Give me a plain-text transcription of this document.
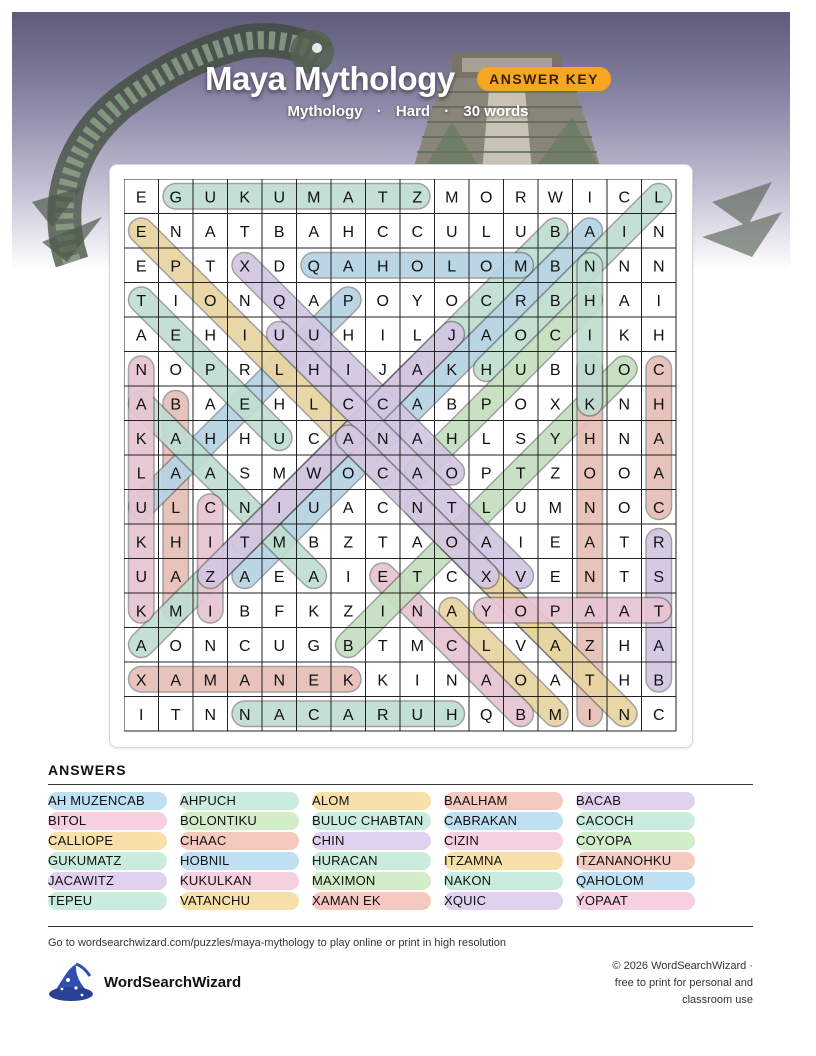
Maya Mythology ANSWER KEY
Mythology · Hard · 30 words
E G U K U M A T Z M O R W I C L
E N A T B A H C C U L U B A I N
E P T X D Q A H O L O M B N N N
T I O N Q A P O Y O C R B H A I
A E H I U U H I L J A O C I K H
N O P R L H I J A K H U B U O C
A B A E H L C C A B P O X K N H
K A H H U C A N A H L S Y H N A
L A A S M W O C A O P T Z O O A
U L C N I U A C N T L U M N O C
K H I T M B Z T A O A I E A T R
U A Z A E A I E T C X V E N T S
K M I B F K Z I N A Y O P A A T
A O N C U G B T M C L V A Z H A
X A M A N E K K I N A O A T H B
I T N N A C A R U H Q B M I N C
ANSWERS
AH MUZENCAB	AHPUCH	ALOM	BAALHAM	BACAB
BITOL	BOLONTIKU	BULUC CHABTAN	CABRAKAN	CACOCH
CALLIOPE	CHAAC	CHIN	CIZIN	COYOPA
GUKUMATZ	HOBNIL	HURACAN	ITZAMNA	ITZANANOHKU
JACAWITZ	KUKULKAN	MAXIMON	NAKON	QAHOLOM
TEPEU	VATANCHU	XAMAN EK	XQUIC	YOPAAT
Go to wordsearchwizard.com/puzzles/maya-mythology to play online or print in high resolution
WordSearchWizard
© 2026 WordSearchWizard ·
free to print for personal and
classroom use
